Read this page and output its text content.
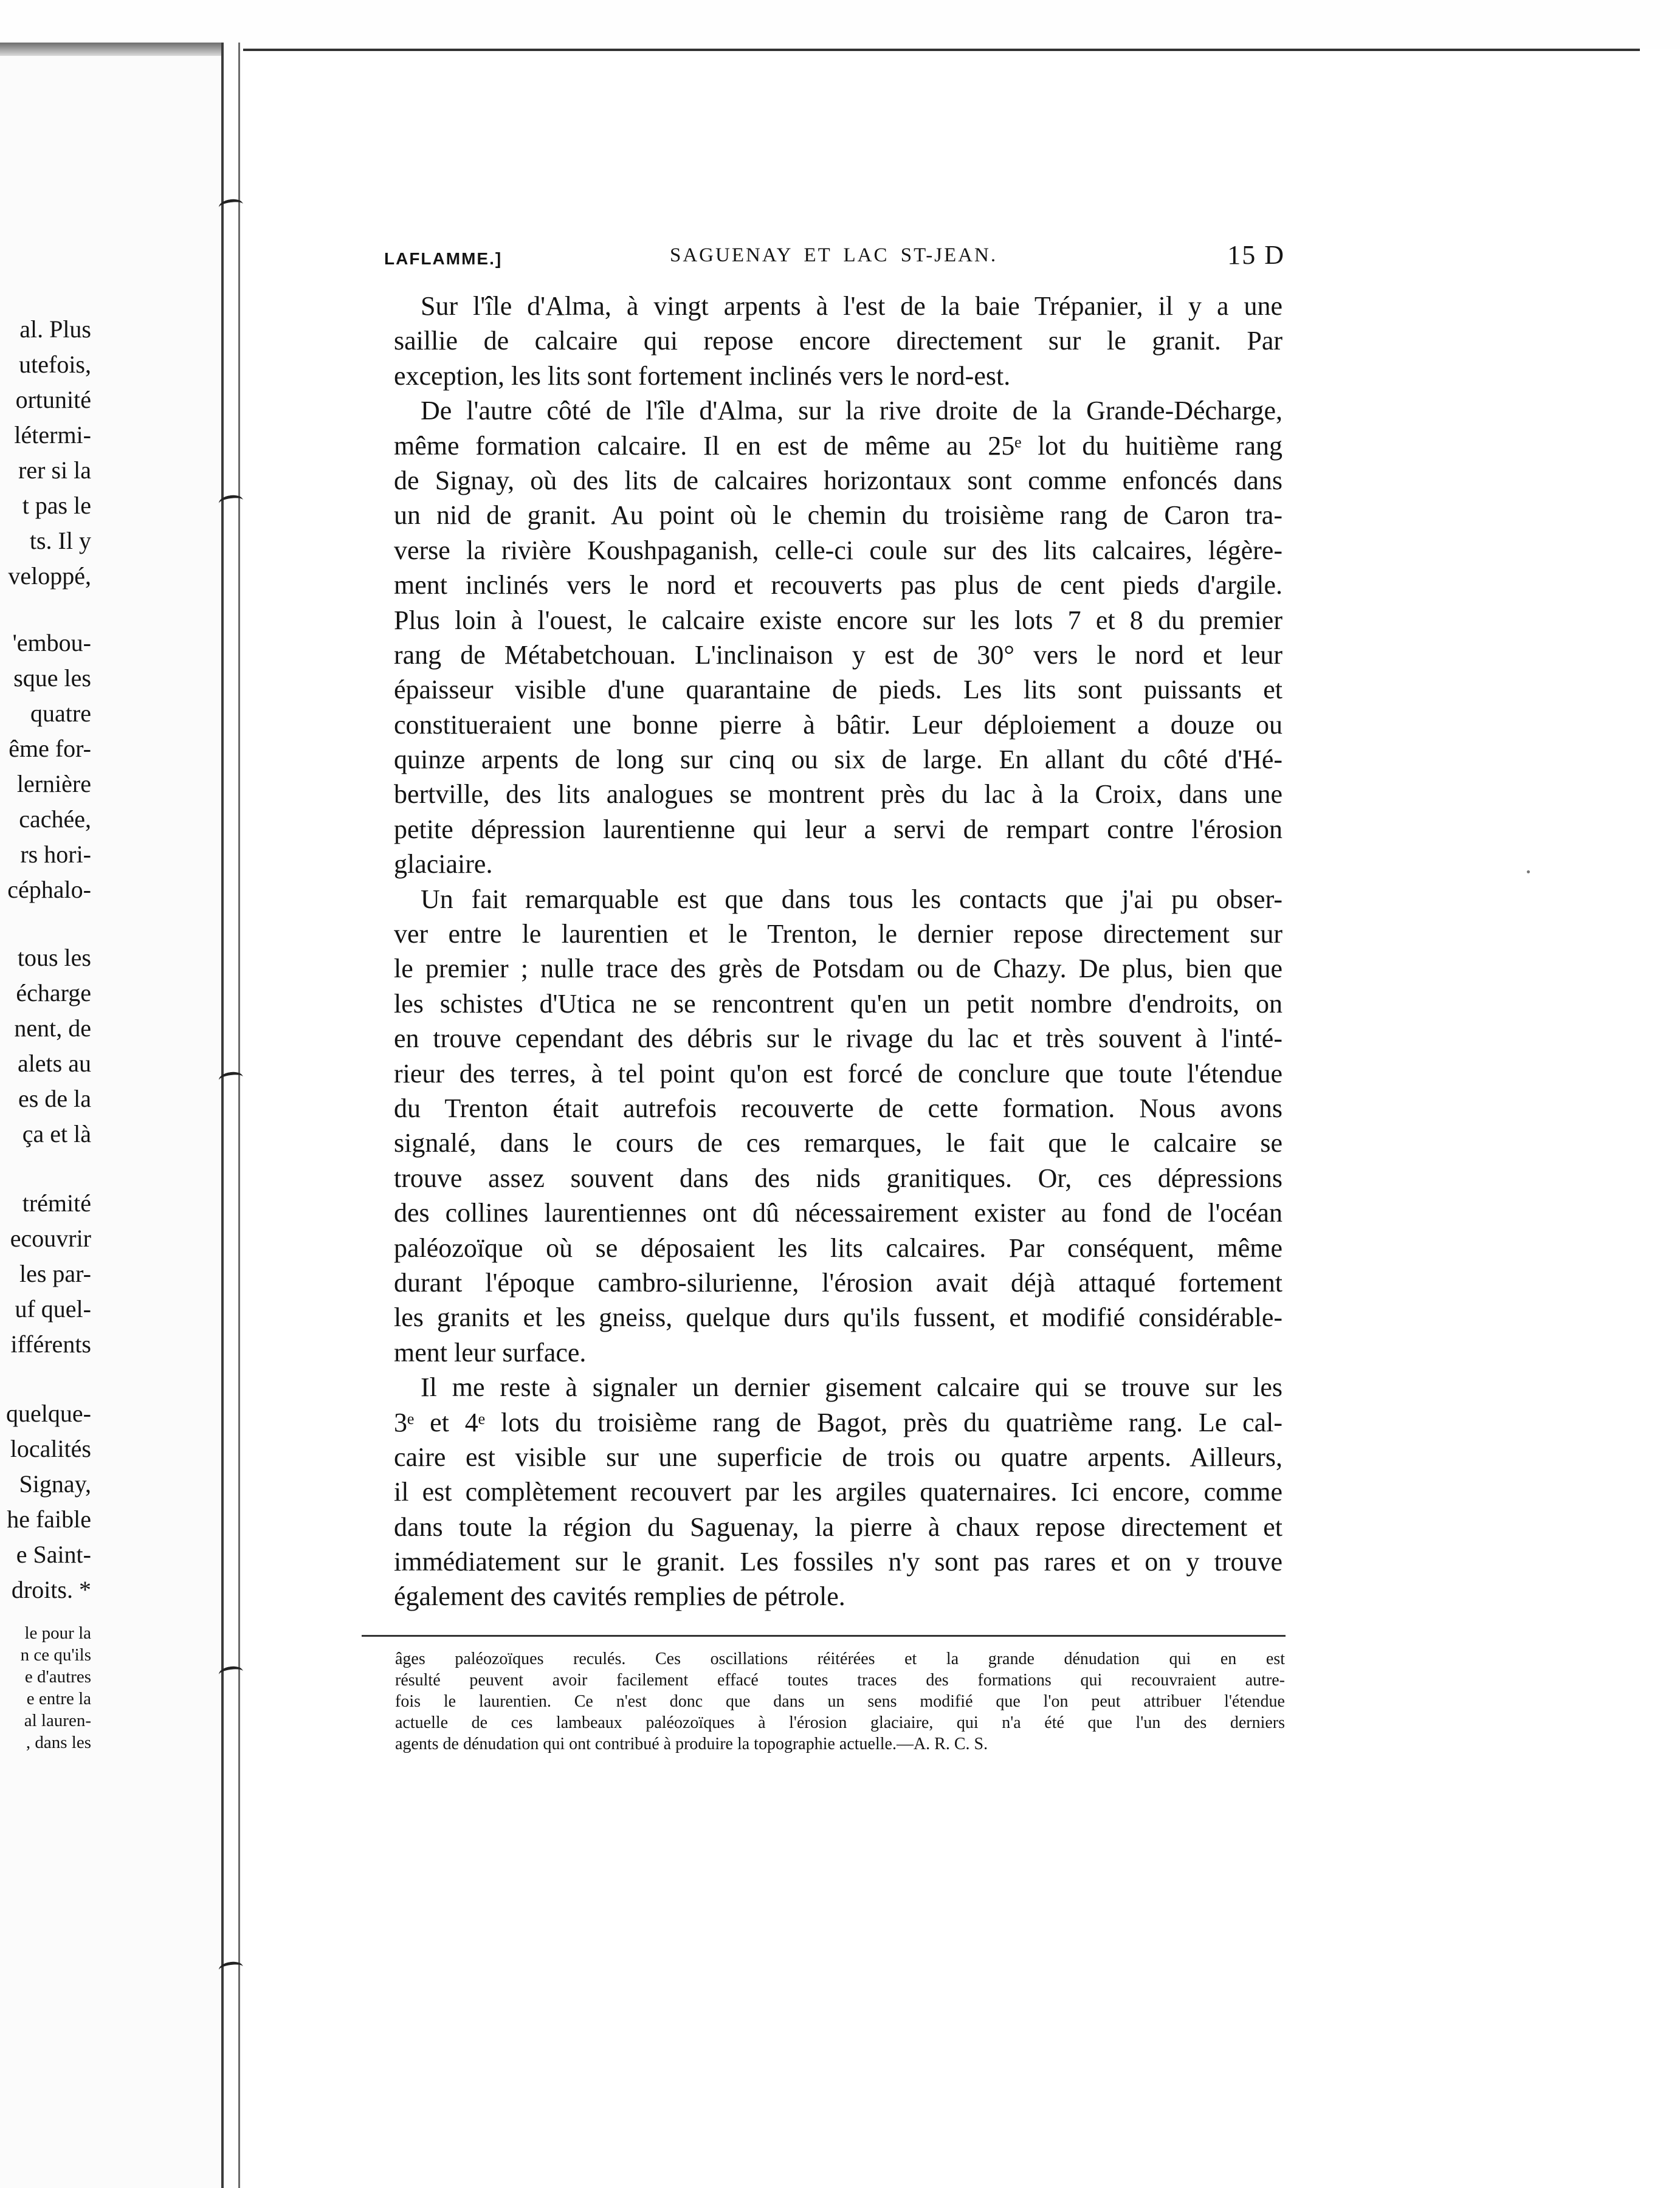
al. Plus
utefois,
ortunité
létermi-
rer si la
t pas le
ts. Il y
veloppé,
'embou-
sque les
quatre
ême for-
lernière
cachée,
rs hori-
céphalo-
tous les
écharge
nent, de
alets au
es de la
ça et là
trémité
ecouvrir
les par-
uf quel-
ifférents
quelque-
localités
Signay,
he faible
e Saint-
droits. *
le pour la
n ce qu'ils
e d'autres
e entre la
al lauren-
, dans les
LAFLAMME.]	SAGUENAY ET LAC ST-JEAN.	15 D
Sur l'île d'Alma, à vingt arpents à l'est de la baie Trépanier, il y a une
saillie de calcaire qui repose encore directement sur le granit. Par
exception, les lits sont fortement inclinés vers le nord-est.
De l'autre côté de l'île d'Alma, sur la rive droite de la Grande-Décharge,
même formation calcaire. Il en est de même au 25ᵉ lot du huitième rang
de Signay, où des lits de calcaires horizontaux sont comme enfoncés dans
un nid de granit. Au point où le chemin du troisième rang de Caron tra-
verse la rivière Koushpaganish, celle-ci coule sur des lits calcaires, légère-
ment inclinés vers le nord et recouverts pas plus de cent pieds d'argile.
Plus loin à l'ouest, le calcaire existe encore sur les lots 7 et 8 du premier
rang de Métabetchouan. L'inclinaison y est de 30° vers le nord et leur
épaisseur visible d'une quarantaine de pieds. Les lits sont puissants et
constitueraient une bonne pierre à bâtir. Leur déploiement a douze ou
quinze arpents de long sur cinq ou six de large. En allant du côté d'Hé-
bertville, des lits analogues se montrent près du lac à la Croix, dans une
petite dépression laurentienne qui leur a servi de rempart contre l'érosion
glaciaire.
Un fait remarquable est que dans tous les contacts que j'ai pu obser-
ver entre le laurentien et le Trenton, le dernier repose directement sur
le premier ; nulle trace des grès de Potsdam ou de Chazy. De plus, bien que
les schistes d'Utica ne se rencontrent qu'en un petit nombre d'endroits, on
en trouve cependant des débris sur le rivage du lac et très souvent à l'inté-
rieur des terres, à tel point qu'on est forcé de conclure que toute l'étendue
du Trenton était autrefois recouverte de cette formation. Nous avons
signalé, dans le cours de ces remarques, le fait que le calcaire se
trouve assez souvent dans des nids granitiques. Or, ces dépressions
des collines laurentiennes ont dû nécessairement exister au fond de l'océan
paléozoïque où se déposaient les lits calcaires. Par conséquent, même
durant l'époque cambro-silurienne, l'érosion avait déjà attaqué fortement
les granits et les gneiss, quelque durs qu'ils fussent, et modifié considérable-
ment leur surface.
Il me reste à signaler un dernier gisement calcaire qui se trouve sur les
3ᵉ et 4ᵉ lots du troisième rang de Bagot, près du quatrième rang. Le cal-
caire est visible sur une superficie de trois ou quatre arpents. Ailleurs,
il est complètement recouvert par les argiles quaternaires. Ici encore, comme
dans toute la région du Saguenay, la pierre à chaux repose directement et
immédiatement sur le granit. Les fossiles n'y sont pas rares et on y trouve
également des cavités remplies de pétrole.
âges paléozoïques reculés. Ces oscillations réitérées et la grande dénudation qui en est
résulté peuvent avoir facilement effacé toutes traces des formations qui recouvraient autre-
fois le laurentien. Ce n'est donc que dans un sens modifié que l'on peut attribuer l'étendue
actuelle de ces lambeaux paléozoïques à l'érosion glaciaire, qui n'a été que l'un des derniers
agents de dénudation qui ont contribué à produire la topographie actuelle.—A. R. C. S.
